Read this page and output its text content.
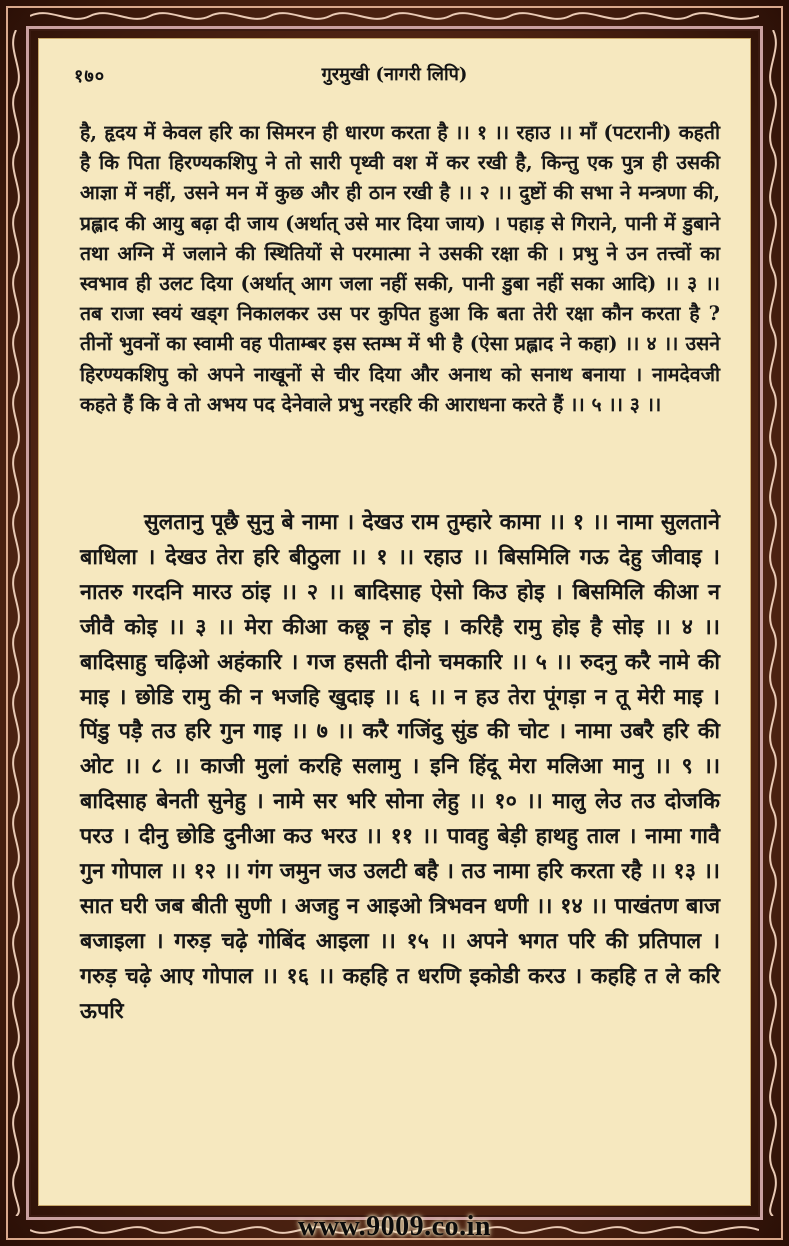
१७०	गुरमुखी (नागरी लिपि)

है, हृदय में केवल हरि का सिमरन ही धारण करता है ।। १ ।। रहाउ ।। माँ (पटरानी) कहती है कि पिता हिरण्यकशिपु ने तो सारी पृथ्वी वश में कर रखी है, किन्तु एक पुत्र ही उसकी आज्ञा में नहीं, उसने मन में कुछ और ही ठान रखी है ।। २ ।। दुष्टों की सभा ने मन्त्रणा की, प्रह्लाद की आयु बढ़ा दी जाय (अर्थात् उसे मार दिया जाय) । पहाड़ से गिराने, पानी में डुबाने तथा अग्नि में जलाने की स्थितियों से परमात्मा ने उसकी रक्षा की । प्रभु ने उन तत्त्वों का स्वभाव ही उलट दिया (अर्थात् आग जला नहीं सकी, पानी डुबा नहीं सका आदि) ।। ३ ।। तब राजा स्वयं खड्ग निकालकर उस पर कुपित हुआ कि बता तेरी रक्षा कौन करता है ? तीनों भुवनों का स्वामी वह पीताम्बर इस स्तम्भ में भी है (ऐसा प्रह्लाद ने कहा) ।। ४ ।। उसने हिरण्यकशिपु को अपने नाखूनों से चीर दिया और अनाथ को सनाथ बनाया । नामदेवजी कहते हैं कि वे तो अभय पद देनेवाले प्रभु नरहरि की आराधना करते हैं ।। ५ ।। ३ ।।

सुलतानु पूछै सुनु बे नामा । देखउ राम तुम्हारे कामा ।। १ ।। नामा सुलताने बाधिला । देखउ तेरा हरि बीठुला ।। १ ।। रहाउ ।। बिसमिलि गऊ देहु जीवाइ । नातरु गरदनि मारउ ठांइ ।। २ ।। बादिसाह ऐसो किउ होइ । बिसमिलि कीआ न जीवै कोइ ।। ३ ।। मेरा कीआ कछू न होइ । करिहै रामु होइ है सोइ ।। ४ ।। बादिसाहु चढ़िओ अहंकारि । गज हसती दीनो चमकारि ।। ५ ।। रुदनु करै नामे की माइ । छोडि रामु की न भजहि खुदाइ ।। ६ ।। न हउ तेरा पूंगड़ा न तू मेरी माइ । पिंडु पड़ै तउ हरि गुन गाइ ।। ७ ।। करै गजिंदु सुंड की चोट । नामा उबरै हरि की ओट ।। ८ ।। काजी मुलां करहि सलामु । इनि हिंदू मेरा मलिआ मानु ।। ९ ।। बादिसाह बेनती सुनेहु । नामे सर भरि सोना लेहु ।। १० ।। मालु लेउ तउ दोजकि परउ । दीनु छोडि दुनीआ कउ भरउ ।। ११ ।। पावहु बेड़ी हाथहु ताल । नामा गावै गुन गोपाल ।। १२ ।। गंग जमुन जउ उलटी बहै । तउ नामा हरि करता रहै ।। १३ ।। सात घरी जब बीती सुणी । अजहु न आइओ त्रिभवन धणी ।। १४ ।। पाखंतण बाज बजाइला । गरुड़ चढ़े गोबिंद आइला ।। १५ ।। अपने भगत परि की प्रतिपाल । गरुड़ चढ़े आए गोपाल ।। १६ ।। कहहि त धरणि इकोडी करउ । कहहि त ले करि ऊपरि

www.9009.co.in
